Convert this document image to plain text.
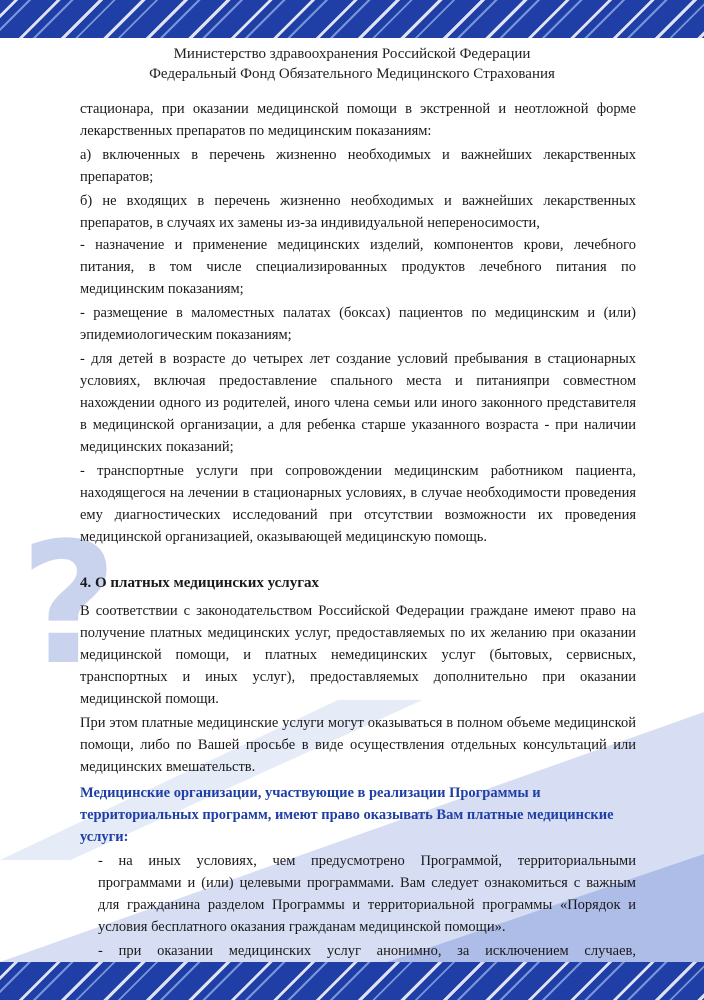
Министерство здравоохранения Российской Федерации
Федеральный Фонд Обязательного Медицинского Страхования
?

стационара, при оказании медицинской помощи в экстренной и неотложной форме лекарственных препаратов по медицинским показаниям:

а) включенных в перечень жизненно необходимых и важнейших лекарственных препаратов;

б) не входящих в перечень жизненно необходимых и важнейших лекарственных препаратов, в случаях их замены из-за индивидуальной непереносимости,

- назначение и применение медицинских изделий, компонентов крови, лечебного питания, в том числе специализированных продуктов лечебного питания по медицинским показаниям;

- размещение в маломестных палатах (боксах) пациентов по медицинским и (или) эпидемиологическим показаниям;

- для детей в возрасте до четырех лет создание условий пребывания в стационарных условиях, включая предоставление спального места и питанияпри совместном нахождении одного из родителей, иного члена семьи или иного законного представителя в медицинской организации, а для ребенка старше указанного возраста - при наличии медицинских показаний;

- транспортные услуги при сопровождении медицинским работником пациента, находящегося на лечении в стационарных условиях, в случае необходимости проведения ему диагностических исследований при отсутствии возможности их проведения медицинской организацией, оказывающей медицинскую помощь.

4. О платных медицинских услугах

В соответствии с законодательством Российской Федерации граждане имеют право на получение платных медицинских услуг, предоставляемых по их желанию при оказании медицинской помощи, и платных немедицинских услуг (бытовых, сервисных, транспортных и иных услуг), предоставляемых дополнительно при оказании медицинской помощи.

При этом платные медицинские услуги могут оказываться в полном объеме медицинской помощи, либо по Вашей просьбе в виде осуществления отдельных консультаций или медицинских вмешательств.

Медицинские организации, участвующие в реализации Программы и территориальных программ, имеют право оказывать Вам платные медицинские услуги:

- на иных условиях, чем предусмотрено Программой, территориальными программами и (или) целевыми программами. Вам следует ознакомиться с важным для гражданина разделом Программы и территориальной программы «Порядок и условия бесплатного оказания гражданам медицинской помощи».

- при оказании медицинских услуг анонимно, за исключением случаев,
